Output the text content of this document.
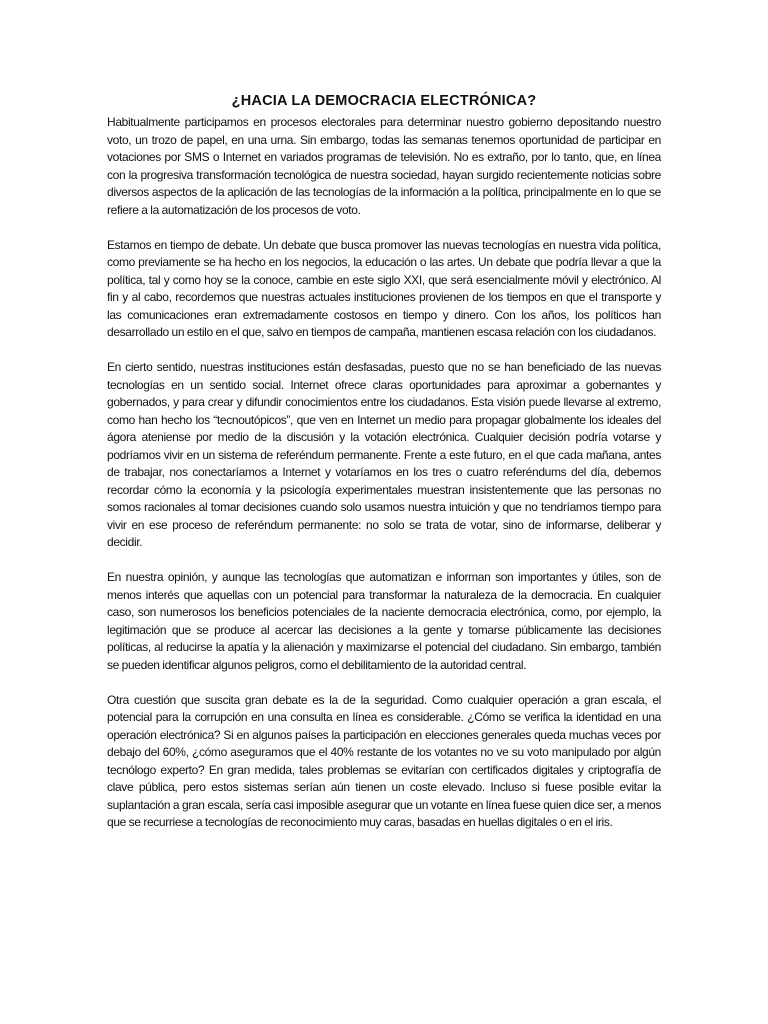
¿HACIA LA DEMOCRACIA ELECTRÓNICA?

Habitualmente participamos en procesos electorales para determinar nuestro gobierno depositando nuestro voto, un trozo de papel, en una urna. Sin embargo, todas las semanas tenemos oportunidad de participar en votaciones por SMS o Internet en variados programas de televisión. No es extraño, por lo tanto, que, en línea con la progresiva transformación tecnológica de nuestra sociedad, hayan surgido recientemente noticias sobre diversos aspectos de la aplicación de las tecnologías de la información a la política, principalmente en lo que se refiere a la automatización de los procesos de voto.

Estamos en tiempo de debate. Un debate que busca promover las nuevas tecnologías en nuestra vida política, como previamente se ha hecho en los negocios, la educación o las artes. Un debate que podría llevar a que la política, tal y como hoy se la conoce, cambie en este siglo XXI, que será esencialmente móvil y electrónico. Al fin y al cabo, recordemos que nuestras actuales instituciones provienen de los tiempos en que el transporte y las comunicaciones eran extremadamente costosos en tiempo y dinero. Con los años, los políticos han desarrollado un estilo en el que, salvo en tiempos de campaña, mantienen escasa relación con los ciudadanos.

En cierto sentido, nuestras instituciones están desfasadas, puesto que no se han beneficiado de las nuevas tecnologías en un sentido social. Internet ofrece claras oportunidades para aproximar a gobernantes y gobernados, y para crear y difundir conocimientos entre los ciudadanos. Esta visión puede llevarse al extremo, como han hecho los “tecnoutópicos”, que ven en Internet un medio para propagar globalmente los ideales del ágora ateniense por medio de la discusión y la votación electrónica. Cualquier decisión podría votarse y podríamos vivir en un sistema de referéndum permanente. Frente a este futuro, en el que cada mañana, antes de trabajar, nos conectaríamos a Internet y votaríamos en los tres o cuatro referéndums del día, debemos recordar cómo la economía y la psicología experimentales muestran insistentemente que las personas no somos racionales al tomar decisiones cuando solo usamos nuestra intuición y que no tendríamos tiempo para vivir en ese proceso de referéndum permanente: no solo se trata de votar, sino de informarse, deliberar y decidir.

En nuestra opinión, y aunque las tecnologías que automatizan e informan son importantes y útiles, son de menos interés que aquellas con un potencial para transformar la naturaleza de la democracia. En cualquier caso, son numerosos los beneficios potenciales de la naciente democracia electrónica, como, por ejemplo, la legitimación que se produce al acercar las decisiones a la gente y tomarse públicamente las decisiones políticas, al reducirse la apatía y la alienación y maximizarse el potencial del ciudadano. Sin embargo, también se pueden identificar algunos peligros, como el debilitamiento de la autoridad central.

Otra cuestión que suscita gran debate es la de la seguridad. Como cualquier operación a gran escala, el potencial para la corrupción en una consulta en línea es considerable. ¿Cómo se verifica la identidad en una operación electrónica? Si en algunos países la participación en elecciones generales queda muchas veces por debajo del 60%, ¿cómo aseguramos que el 40% restante de los votantes no ve su voto manipulado por algún tecnólogo experto? En gran medida, tales problemas se evitarían con certificados digitales y criptografía de clave pública, pero estos sistemas serían aún tienen un coste elevado. Incluso si fuese posible evitar la suplantación a gran escala, sería casi imposible asegurar que un votante en línea fuese quien dice ser, a menos que se recurriese a tecnologías de reconocimiento muy caras, basadas en huellas digitales o en el iris.
